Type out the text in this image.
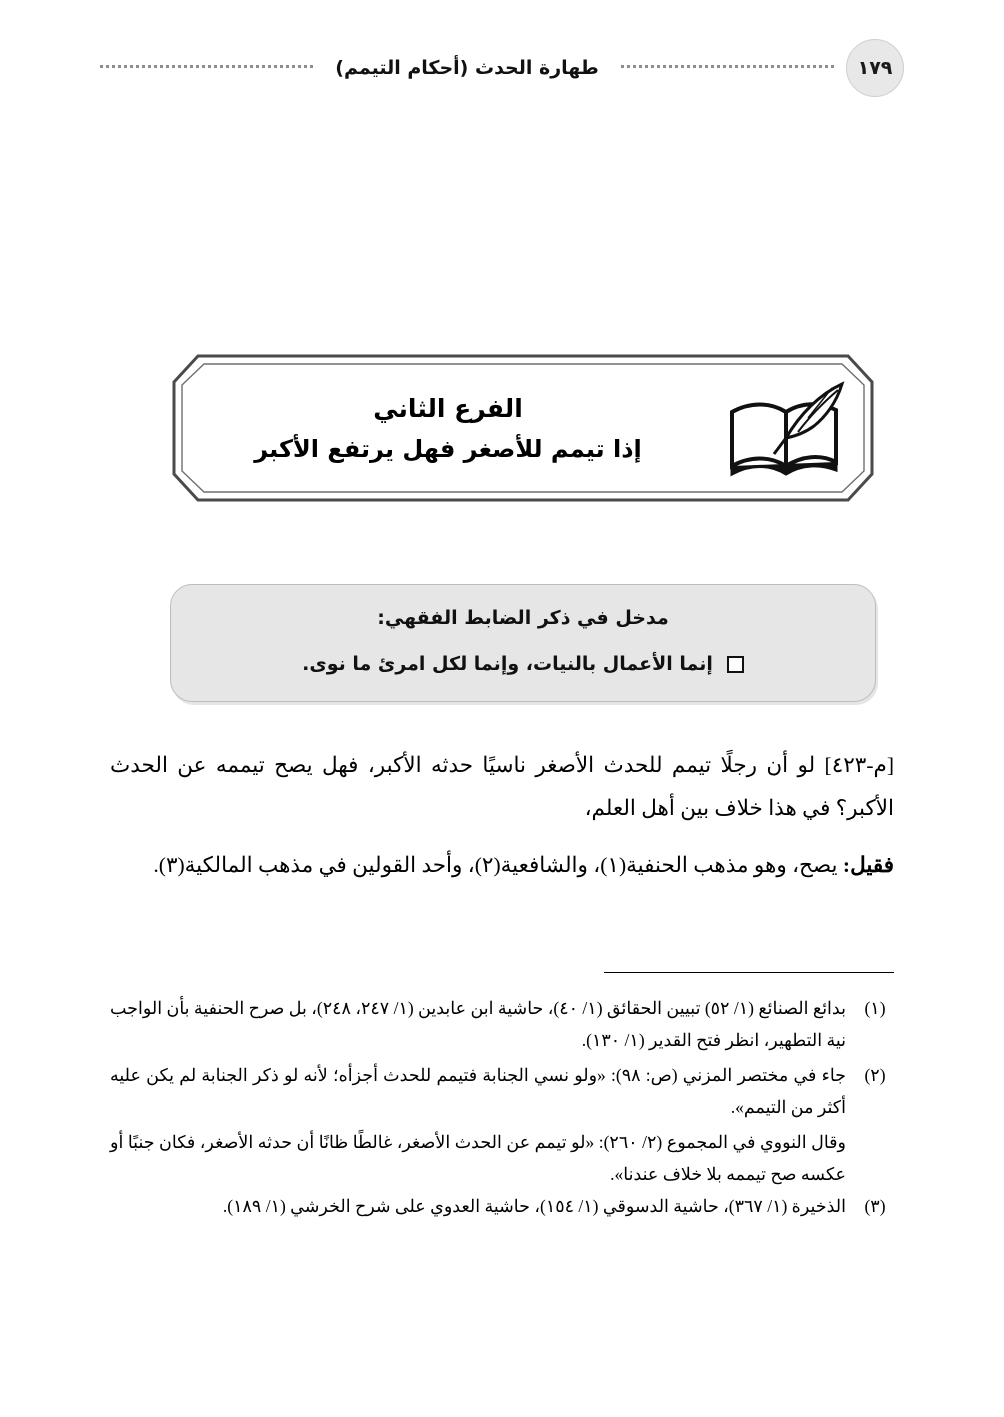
١٧٩
طهارة الحدث (أحكام التيمم)
الفرع الثاني
إذا تيمم للأصغر فهل يرتفع الأكبر
مدخل في ذكر الضابط الفقهي:
إنما الأعمال بالنيات، وإنما لكل امرئ ما نوى.

[م-٤٢٣] لو أن رجلًا تيمم للحدث الأصغر ناسيًا حدثه الأكبر، فهل يصح تيممه عن الحدث الأكبر؟ في هذا خلاف بين أهل العلم،

فقيل: يصح، وهو مذهب الحنفية(١)، والشافعية(٢)، وأحد القولين في مذهب المالكية(٣).

(١)
بدائع الصنائع (١/ ٥٢) تبيين الحقائق (١/ ٤٠)، حاشية ابن عابدين (١/ ٢٤٧، ٢٤٨)، بل صرح الحنفية بأن الواجب نية التطهير، انظر فتح القدير (١/ ١٣٠).
(٢)
جاء في مختصر المزني (ص: ٩٨): «ولو نسي الجنابة فتيمم للحدث أجزأه؛ لأنه لو ذكر الجنابة لم يكن عليه أكثر من التيمم».
وقال النووي في المجموع (٢/ ٢٦٠): «لو تيمم عن الحدث الأصغر، غالطًا ظانًا أن حدثه الأصغر، فكان جنبًا أو عكسه صح تيممه بلا خلاف عندنا».
(٣)
الذخيرة (١/ ٣٦٧)، حاشية الدسوقي (١/ ١٥٤)، حاشية العدوي على شرح الخرشي (١/ ١٨٩).
